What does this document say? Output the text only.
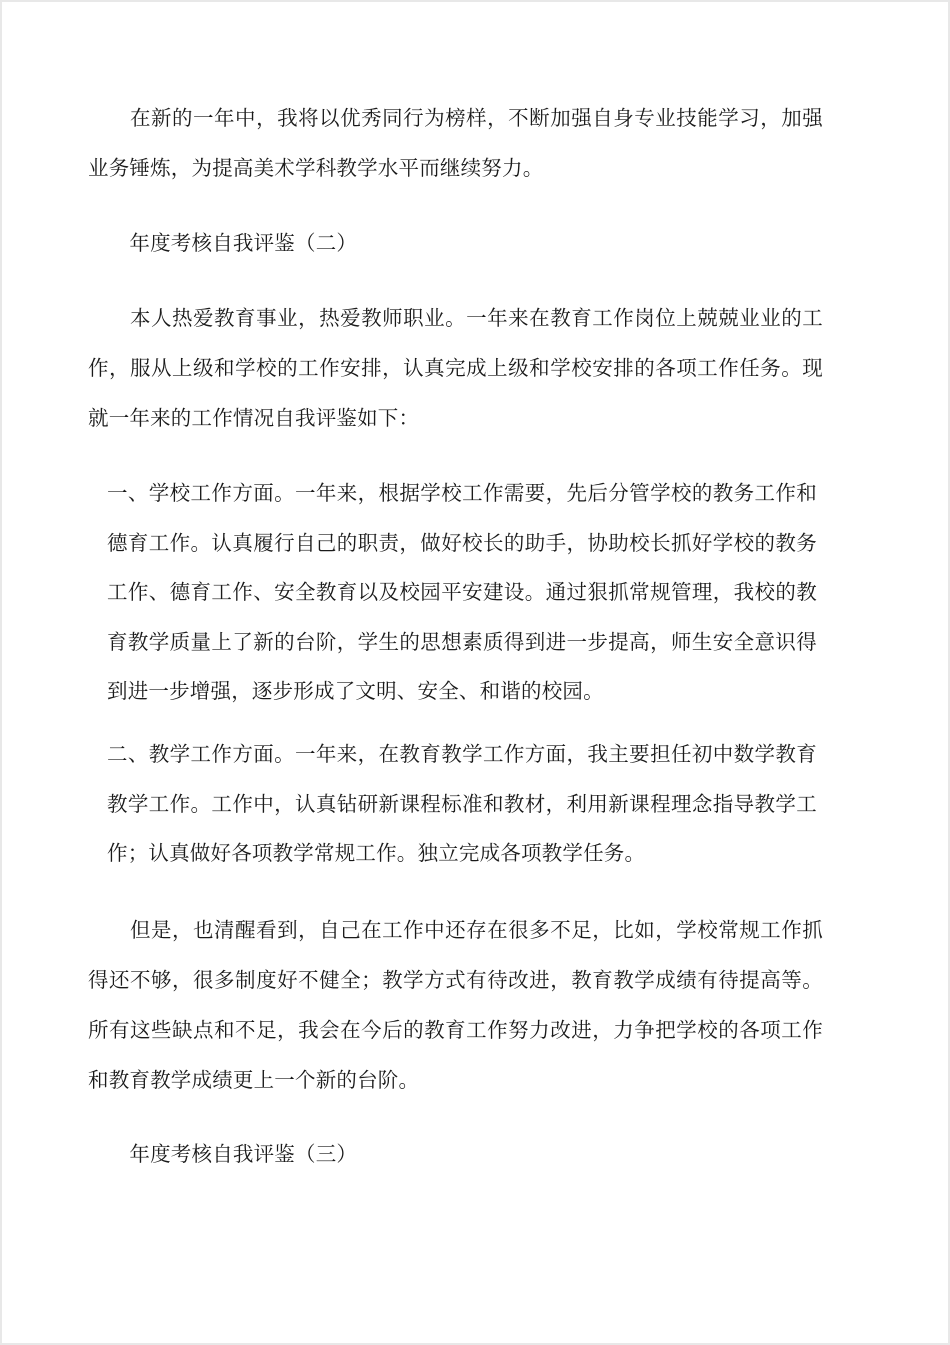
　　在新的一年中，我将以优秀同行为榜样，不断加强自身专业技能学习，加强
业务锤炼，为提高美术学科教学水平而继续努力。
　　年度考核自我评鉴（二）
　　本人热爱教育事业，热爱教师职业。一年来在教育工作岗位上兢兢业业的工
作，服从上级和学校的工作安排，认真完成上级和学校安排的各项工作任务。现
就一年来的工作情况自我评鉴如下：
一、学校工作方面。一年来，根据学校工作需要，先后分管学校的教务工作和
德育工作。认真履行自己的职责，做好校长的助手，协助校长抓好学校的教务
工作、德育工作、安全教育以及校园平安建设。通过狠抓常规管理，我校的教
育教学质量上了新的台阶，学生的思想素质得到进一步提高，师生安全意识得
到进一步增强，逐步形成了文明、安全、和谐的校园。
二、教学工作方面。一年来，在教育教学工作方面，我主要担任初中数学教育
教学工作。工作中，认真钻研新课程标准和教材，利用新课程理念指导教学工
作；认真做好各项教学常规工作。独立完成各项教学任务。
　　但是，也清醒看到，自己在工作中还存在很多不足，比如，学校常规工作抓
得还不够，很多制度好不健全；教学方式有待改进，教育教学成绩有待提高等。
所有这些缺点和不足，我会在今后的教育工作努力改进，力争把学校的各项工作
和教育教学成绩更上一个新的台阶。
　　年度考核自我评鉴（三）
